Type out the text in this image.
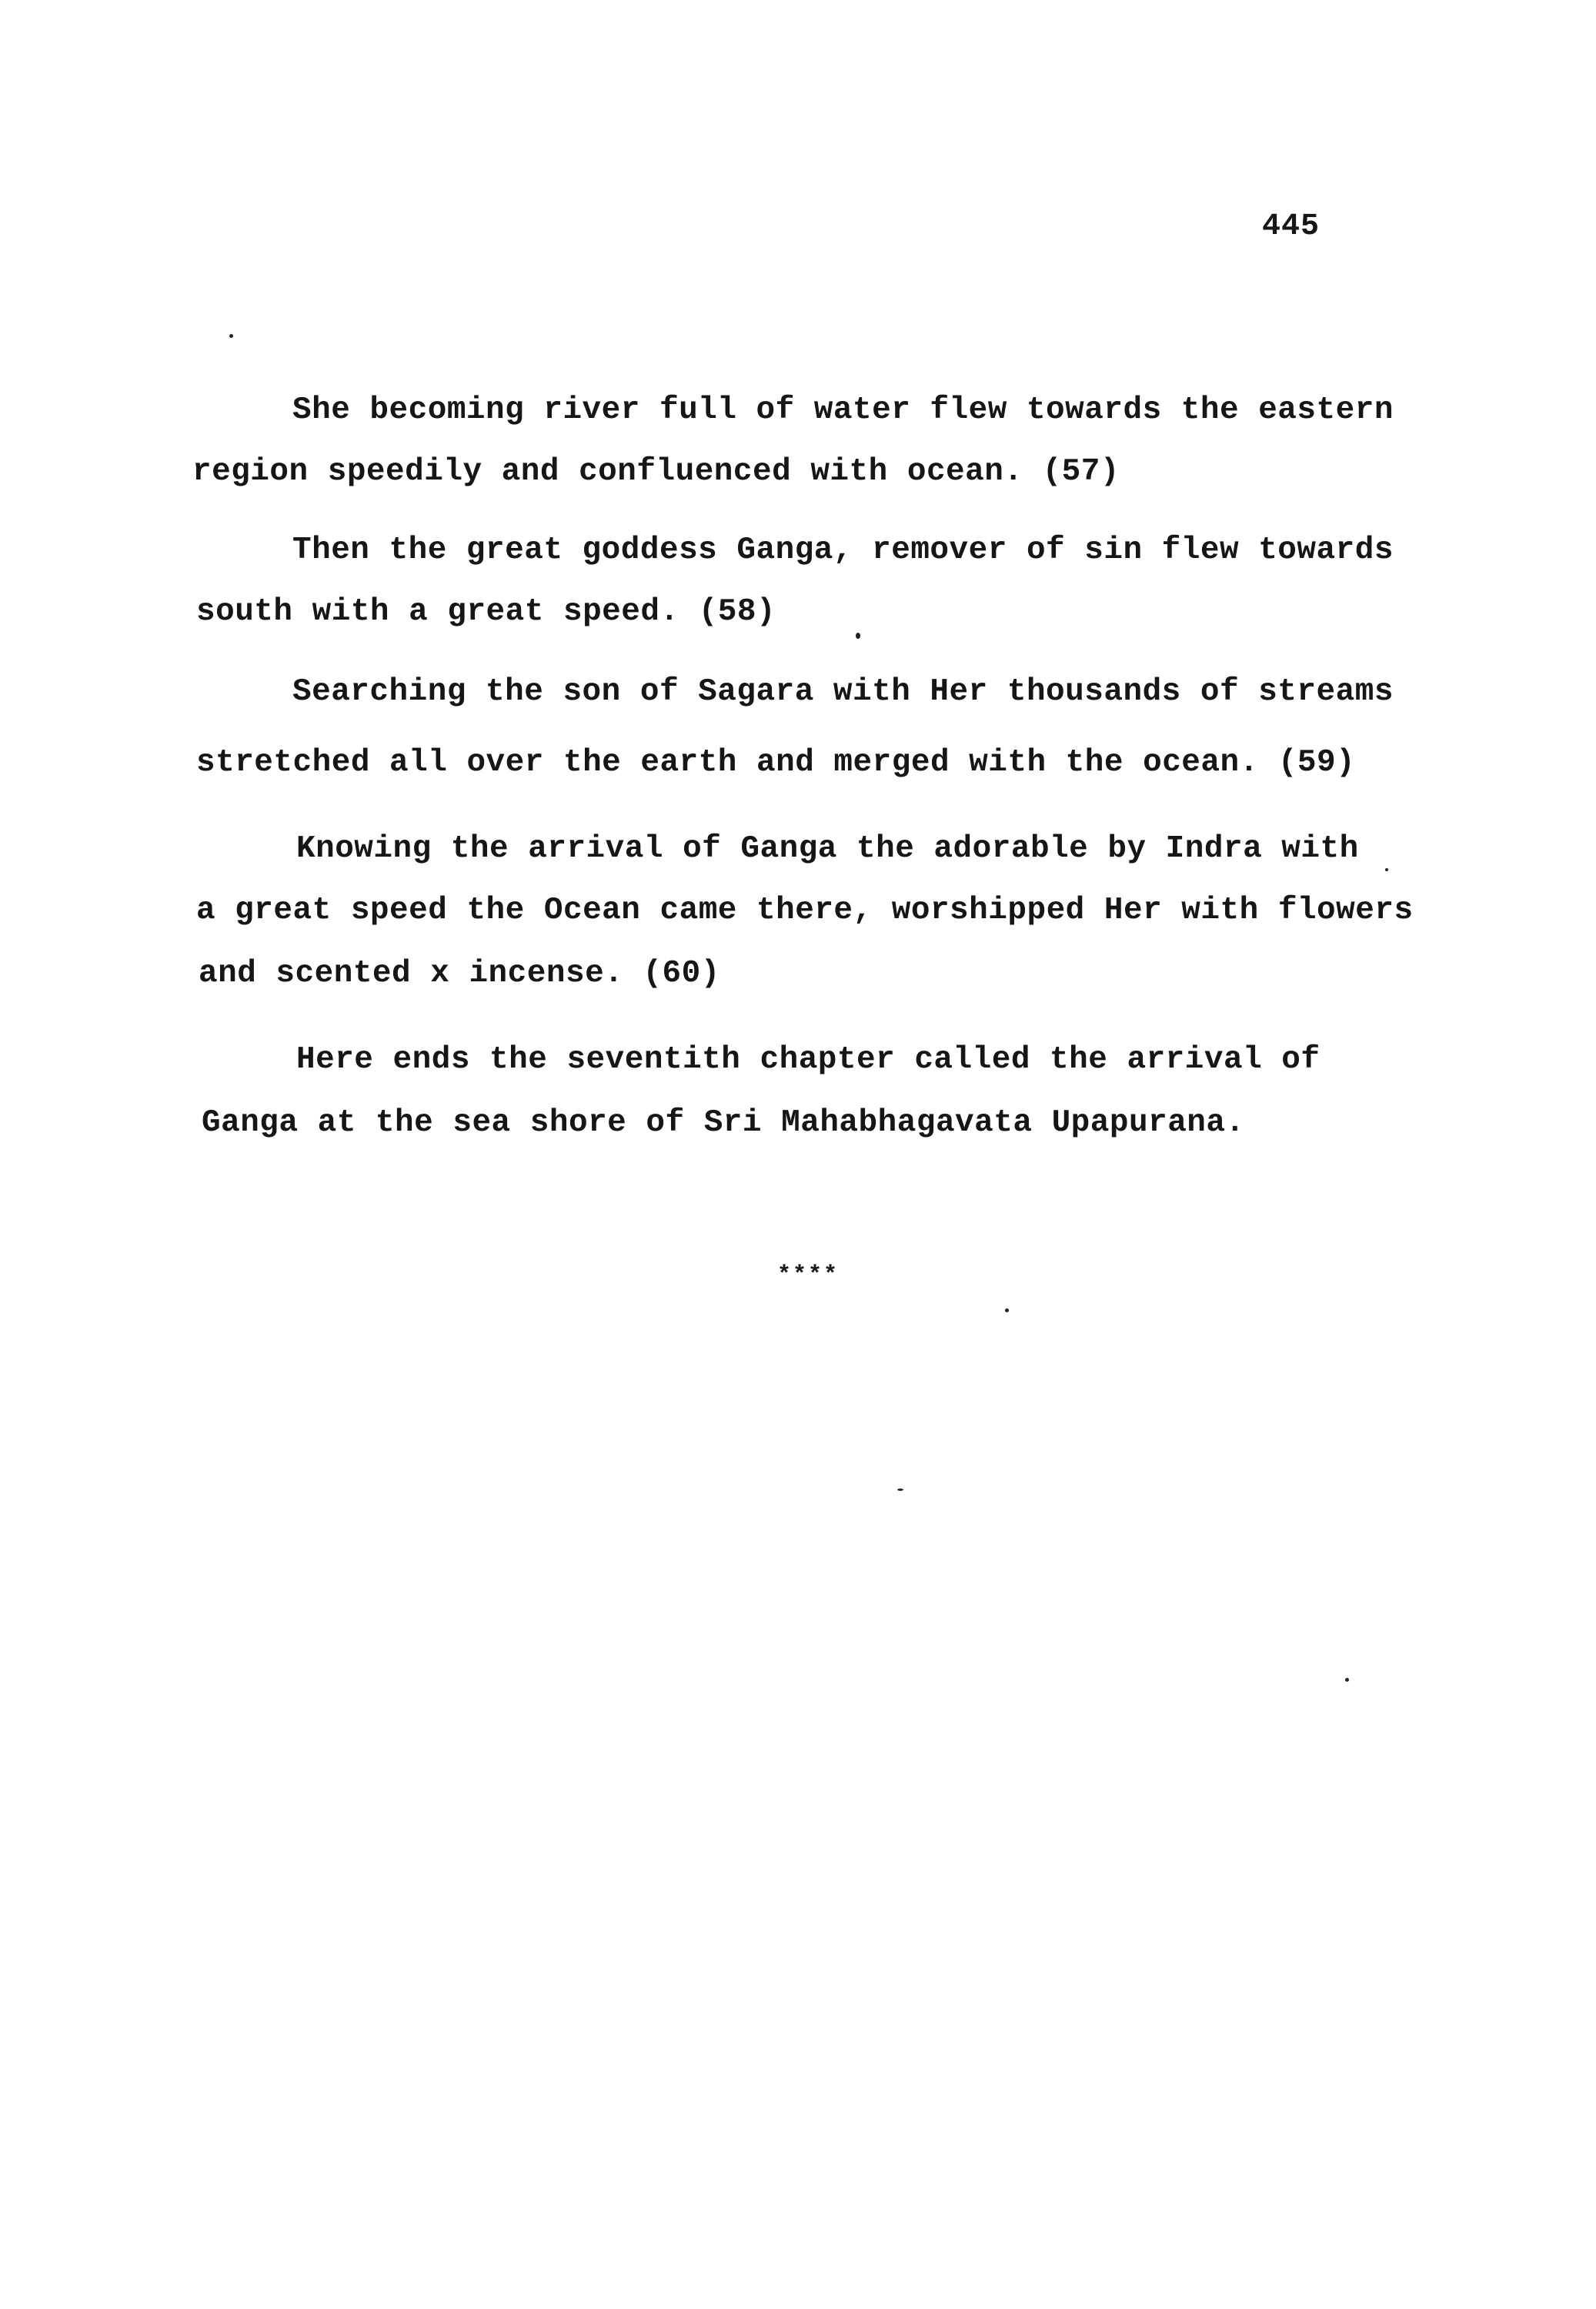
445
She becoming river full of water flew towards the eastern
region speedily and confluenced with ocean. (57)
Then the great goddess Ganga, remover of sin flew towards
south with a great speed. (58)
Searching the son of Sagara with Her thousands of streams
stretched all over the earth and merged with the ocean. (59)
Knowing the arrival of Ganga the adorable by Indra with
a great speed the Ocean came there, worshipped Her with flowers
and scented x incense. (60)
Here ends the seventith chapter called the arrival of
Ganga at the sea shore of Sri Mahabhagavata Upapurana.
****
